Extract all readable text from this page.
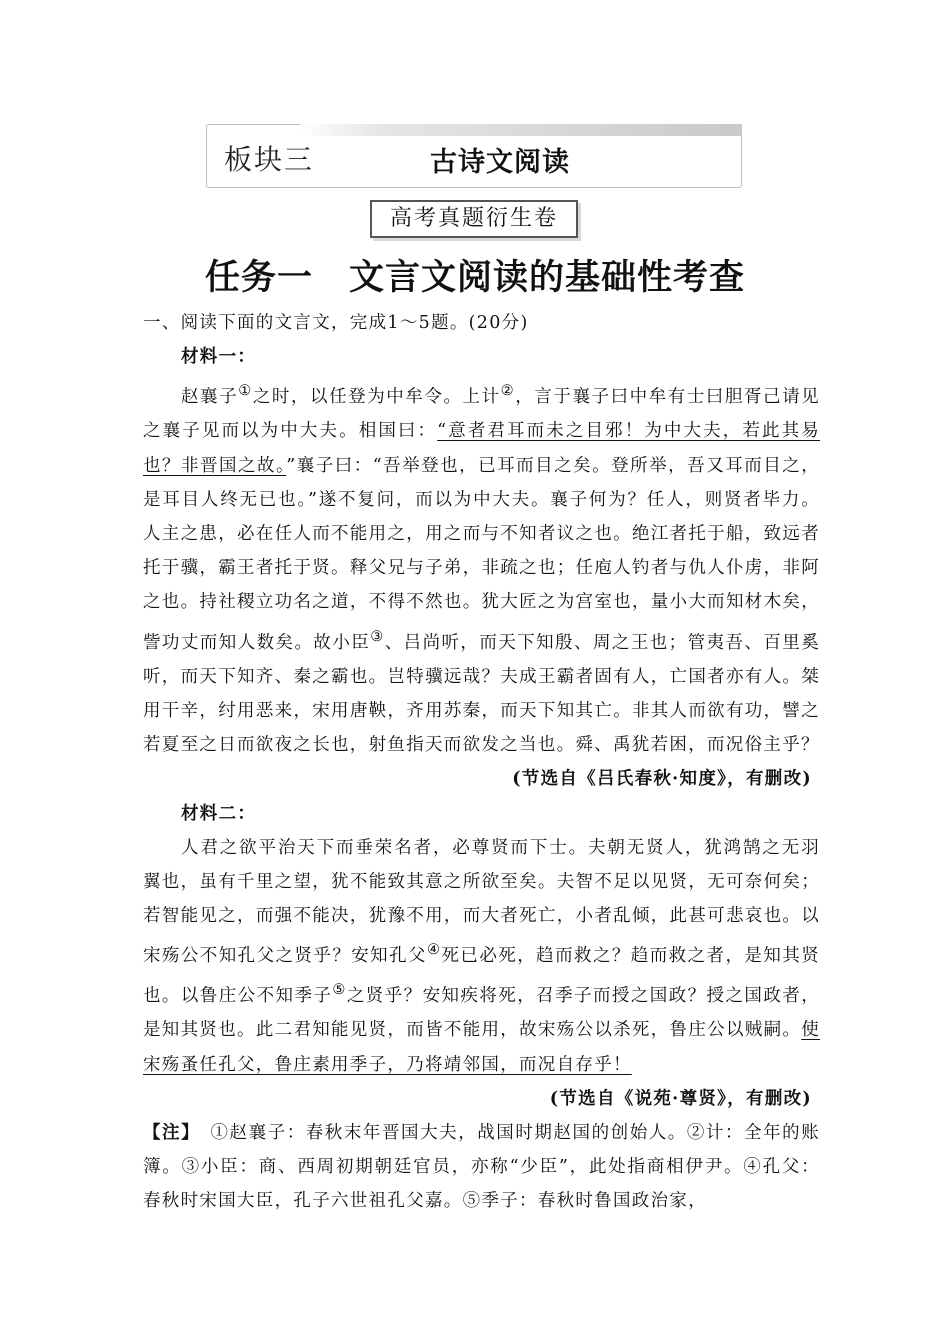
板块三	古诗文阅读
高考真题衍生卷
任务一　文言文阅读的基础性考查

一、阅读下面的文言文，完成1～5题。(20分)

材料一：

赵襄子①之时，以任登为中牟令。上计②，言于襄子曰中牟有士曰胆胥己请见之襄子见而以为中大夫。相国曰：“意者君耳而未之目邪！为中大夫，若此其易也？非晋国之故。”襄子曰：“吾举登也，已耳而目之矣。登所举，吾又耳而目之，是耳目人终无已也。”遂不复问，而以为中大夫。襄子何为？任人，则贤者毕力。人主之患，必在任人而不能用之，用之而与不知者议之也。绝江者托于船，致远者托于骥，霸王者托于贤。释父兄与子弟，非疏之也；任庖人钓者与仇人仆虏，非阿之也。持社稷立功名之道，不得不然也。犹大匠之为宫室也，量小大而知材木矣，訾功丈而知人数矣。故小臣③、吕尚听，而天下知殷、周之王也；管夷吾、百里奚听，而天下知齐、秦之霸也。岂特骥远哉？夫成王霸者固有人，亡国者亦有人。桀用干辛，纣用恶来，宋用唐鞅，齐用苏秦，而天下知其亡。非其人而欲有功，譬之若夏至之日而欲夜之长也，射鱼指天而欲发之当也。舜、禹犹若困，而况俗主乎？

(节选自《吕氏春秋·知度》，有删改)

材料二：

人君之欲平治天下而垂荣名者，必尊贤而下士。夫朝无贤人，犹鸿鹄之无羽翼也，虽有千里之望，犹不能致其意之所欲至矣。夫智不足以见贤，无可奈何矣；若智能见之，而强不能决，犹豫不用，而大者死亡，小者乱倾，此甚可悲哀也。以宋殇公不知孔父之贤乎？安知孔父④死已必死，趋而救之？趋而救之者，是知其贤也。以鲁庄公不知季子⑤之贤乎？安知疾将死，召季子而授之国政？授之国政者，是知其贤也。此二君知能见贤，而皆不能用，故宋殇公以杀死，鲁庄公以贼嗣。使宋殇蚤任孔父，鲁庄素用季子，乃将靖邻国，而况自存乎！

(节选自《说苑·尊贤》，有删改)

【注】　①赵襄子：春秋末年晋国大夫，战国时期赵国的创始人。②计：全年的账簿。③小臣：商、西周初期朝廷官员，亦称“少臣”，此处指商相伊尹。④孔父：春秋时宋国大臣，孔子六世祖孔父嘉。⑤季子：春秋时鲁国政治家，
